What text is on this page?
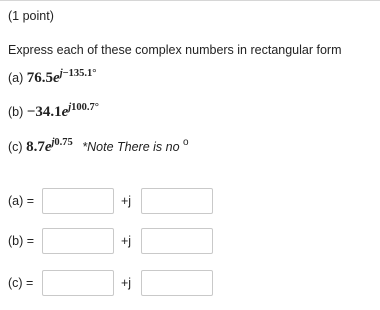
(1 point)
Express each of these complex numbers in rectangular form
(a) $76.5e^{j-135.1^\circ}$
$(b) -34.1e^{j100.7^\circ}$
(c) $8.7e^{j0.75}$ *Note There is no $^o$
(a) =	+j
(b) =	+j
(c) =	+j
